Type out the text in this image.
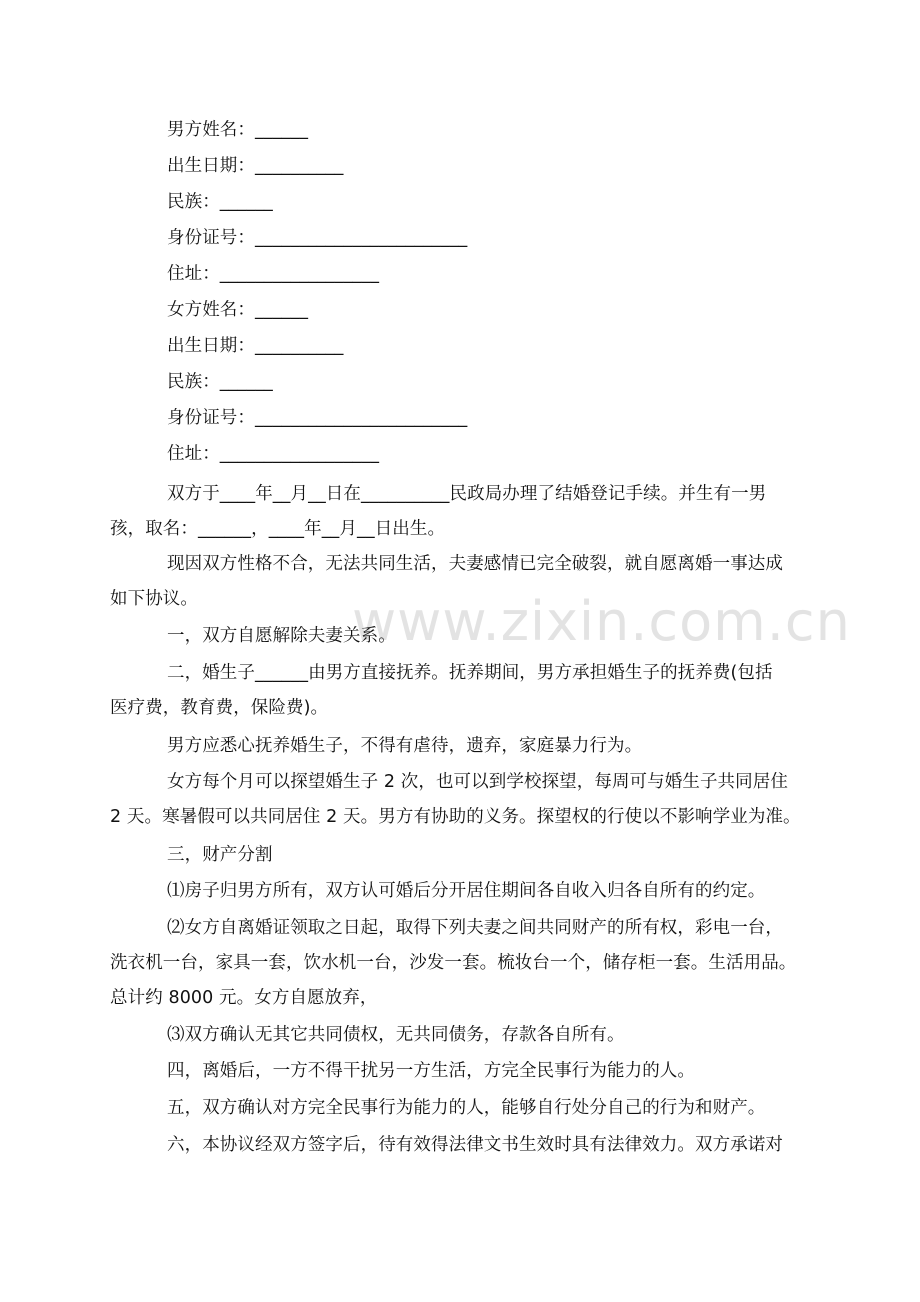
www.zixin.com.cn
男方姓名：______
出生日期：__________
民族：______
身份证号：________________________
住址：__________________
女方姓名：______
出生日期：__________
民族：______
身份证号：________________________
住址：__________________
双方于____年__月__日在__________民政局办理了结婚登记手续。并生有一男
孩，取名：______，____年__月__日出生。
现因双方性格不合，无法共同生活，夫妻感情已完全破裂，就自愿离婚一事达成
如下协议。
一，双方自愿解除夫妻关系。
二，婚生子______由男方直接抚养。抚养期间，男方承担婚生子的抚养费(包括
医疗费，教育费，保险费)。
男方应悉心抚养婚生子，不得有虐待，遗弃，家庭暴力行为。
女方每个月可以探望婚生子 2 次，也可以到学校探望，每周可与婚生子共同居住
2 天。寒暑假可以共同居住 2 天。男方有协助的义务。探望权的行使以不影响学业为准。
三，财产分割
⑴房子归男方所有，双方认可婚后分开居住期间各自收入归各自所有的约定。
⑵女方自离婚证领取之日起，取得下列夫妻之间共同财产的所有权，彩电一台，
洗衣机一台，家具一套，饮水机一台，沙发一套。梳妆台一个，储存柜一套。生活用品。
总计约 8000 元。女方自愿放弃，
⑶双方确认无其它共同债权，无共同债务，存款各自所有。
四，离婚后，一方不得干扰另一方生活，方完全民事行为能力的人。
五，双方确认对方完全民事行为能力的人，能够自行处分自己的行为和财产。
六，本协议经双方签字后，待有效得法律文书生效时具有法律效力。双方承诺对
